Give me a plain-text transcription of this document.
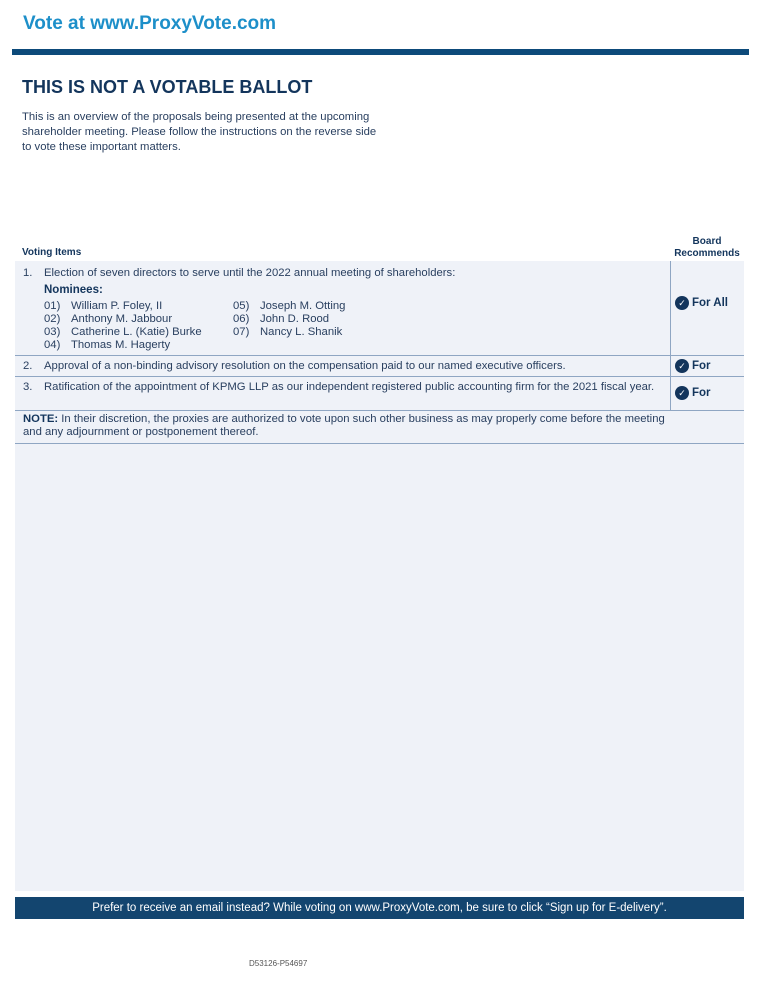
Vote at www.ProxyVote.com
THIS IS NOT A VOTABLE BALLOT
This is an overview of the proposals being presented at the upcoming shareholder meeting. Please follow the instructions on the reverse side to vote these important matters.
Voting Items
Board
Recommends
1. Election of seven directors to serve until the 2022 annual meeting of shareholders:
Nominees:
01) William P. Foley, II
02) Anthony M. Jabbour
03) Catherine L. (Katie) Burke
04) Thomas M. Hagerty
05) Joseph M. Otting
06) John D. Rood
07) Nancy L. Shanik
✓ For All
2. Approval of a non-binding advisory resolution on the compensation paid to our named executive officers.	✓ For
3. Ratification of the appointment of KPMG LLP as our independent registered public accounting firm for the 2021 fiscal year.	✓ For
NOTE: In their discretion, the proxies are authorized to vote upon such other business as may properly come before the meeting and any adjournment or postponement thereof.
Prefer to receive an email instead? While voting on www.ProxyVote.com, be sure to click “Sign up for E-delivery”.
D53126-P54697
